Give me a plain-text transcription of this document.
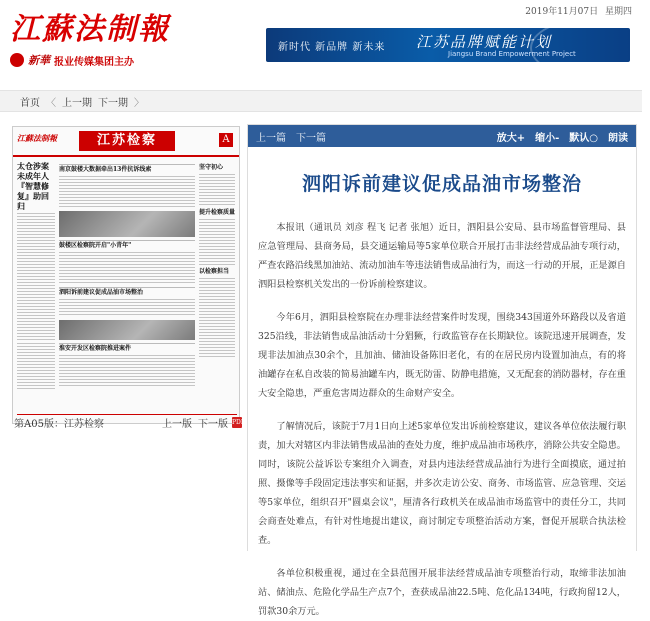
2019年11月07日 星期四
江蘇法制報
新華 报业传媒集团主办
新时代 新品牌 新未来 江苏品牌赋能计划
Jiangsu Brand Empowerment Project
首页 〈 上一期 下一期 〉
江蘇法制報	江苏检察	A
太仓涉案未成年人『智慧修复』助回归
南京鼓楼大数据牵出13件抗诉线索
鼓楼区检察院开启"小青年"
泗阳诉前建议促成品油市场整治
淮安开发区检察院推进案件
坚守初心
提升检察质量
以检察担当
第A05版：江苏检察	上一版 下一版 PDF
上一篇 下一篇	放大+ 缩小- 默认○ 朗读
泗阳诉前建议促成品油市场整治

本报讯（通讯员 刘彦 程飞 记者 张旭）近日，泗阳县公安局、县市场监督管理局、县应急管理局、县商务局，县交通运输局等5家单位联合开展打击非法经营成品油专项行动，严查农路沿线黑加油站、流动加油车等违法销售成品油行为，而这一行动的开展，正是源自泗阳县检察机关发出的一份诉前检察建议。

今年6月，泗阳县检察院在办理非法经营案件时发现，围绕343国道外环路段以及省道325沿线，非法销售成品油活动十分猖獗，行政监管存在长期缺位。该院迅速开展调查，发现非法加油点30余个，且加油、储油设备陈旧老化，有的在居民房内设置加油点，有的将油罐存在私自改装的简易油罐车内，既无防雷、防静电措施，又无配套的消防器材，存在重大安全隐患，严重危害周边群众的生命财产安全。

了解情况后，该院于7月1日向上述5家单位发出诉前检察建议，建议各单位依法履行职责，加大对辖区内非法销售成品油的查处力度，维护成品油市场秩序，消除公共安全隐患。同时，该院公益诉讼专案组介入调查，对县内违法经营成品油行为进行全面摸底，通过拍照、摄像等手段固定违法事实和证据，并多次走访公安、商务、市场监管、应急管理、交运等5家单位，组织召开"圆桌会议"，厘清各行政机关在成品油市场监管中的责任分工，共同会商查处难点，有针对性地提出建议，商讨制定专项整治活动方案，督促开展联合执法检查。

各单位积极重视，通过在全县范围开展非法经营成品油专项整治行动，取缔非法加油站、储油点、危险化学品生产点7个，查获成品油22.5吨、危化品134吨，行政拘留12人，罚款30余万元。
